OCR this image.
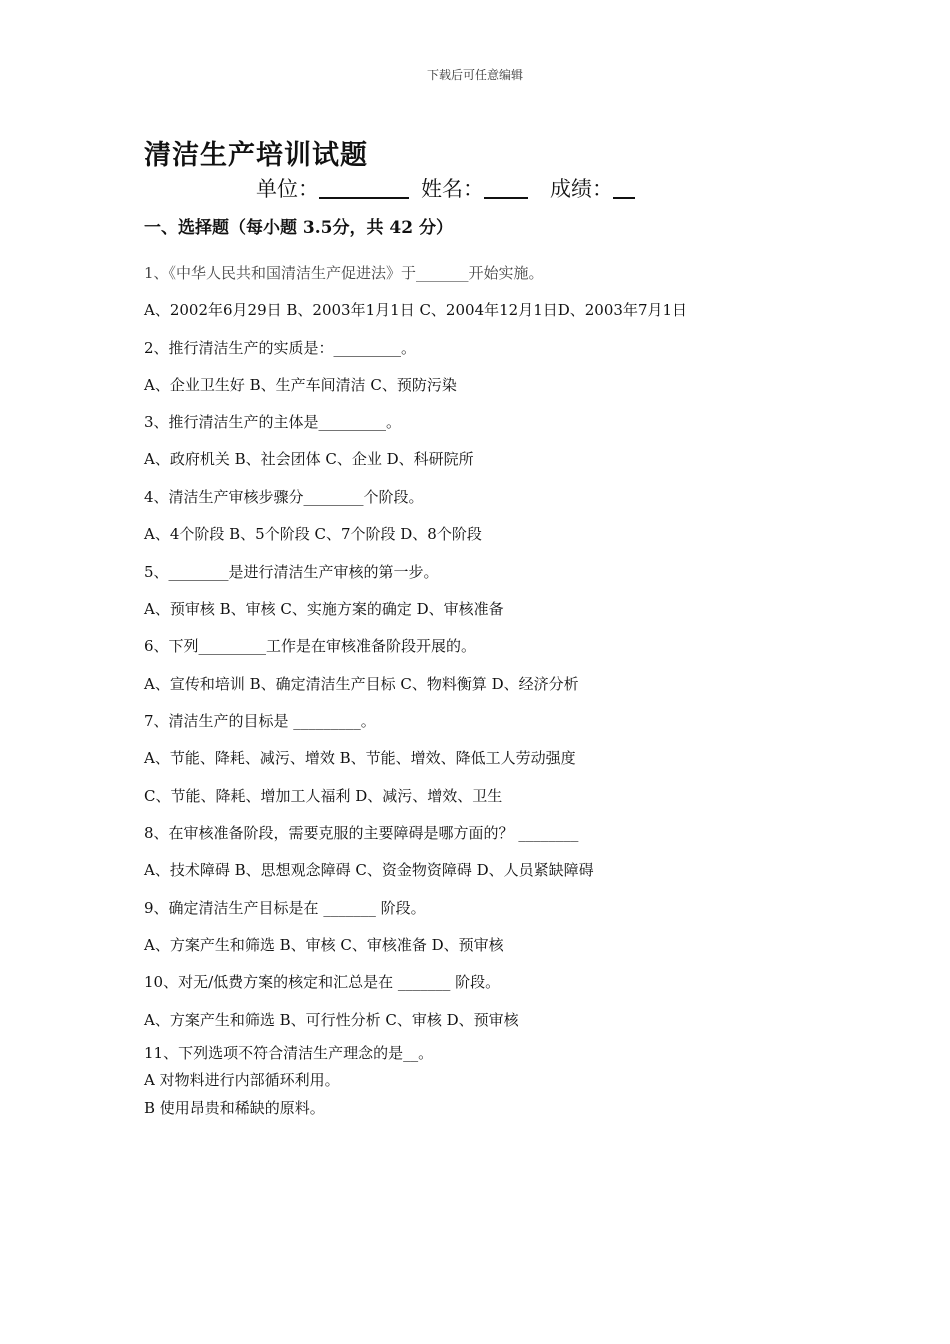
下载后可任意编辑
清洁生产培训试题
单位：	姓名：	成绩：
一、选择题（每小题 3.5分，共 42 分）
1、《中华人民共和国清洁生产促进法》于_______开始实施。
A、2002年6月29日 B、2003年1月1日 C、2004年12月1日D、2003年7月1日
2、推行清洁生产的实质是：_________。
A、企业卫生好 B、生产车间清洁 C、预防污染
3、推行清洁生产的主体是_________。
A、政府机关 B、社会团体 C、企业 D、科研院所
4、清洁生产审核步骤分________个阶段。
A、4个阶段 B、5个阶段 C、7个阶段 D、8个阶段
5、________是进行清洁生产审核的第一步。
A、预审核 B、审核 C、实施方案的确定 D、审核准备
6、下列_________工作是在审核准备阶段开展的。
A、宣传和培训 B、确定清洁生产目标 C、物料衡算 D、经济分析
7、清洁生产的目标是 _________。
A、节能、降耗、减污、增效 B、节能、增效、降低工人劳动强度
C、节能、降耗、增加工人福利 D、减污、增效、卫生
8、在审核准备阶段，需要克服的主要障碍是哪方面的？ ________
A、技术障碍 B、思想观念障碍 C、资金物资障碍 D、人员紧缺障碍
9、确定清洁生产目标是在 _______ 阶段。
A、方案产生和筛选 B、审核 C、审核准备 D、预审核
10、对无/低费方案的核定和汇总是在 _______ 阶段。
A、方案产生和筛选 B、可行性分析 C、审核 D、预审核
11、下列选项不符合清洁生产理念的是__。
A 对物料进行内部循环利用。
B 使用昂贵和稀缺的原料。
